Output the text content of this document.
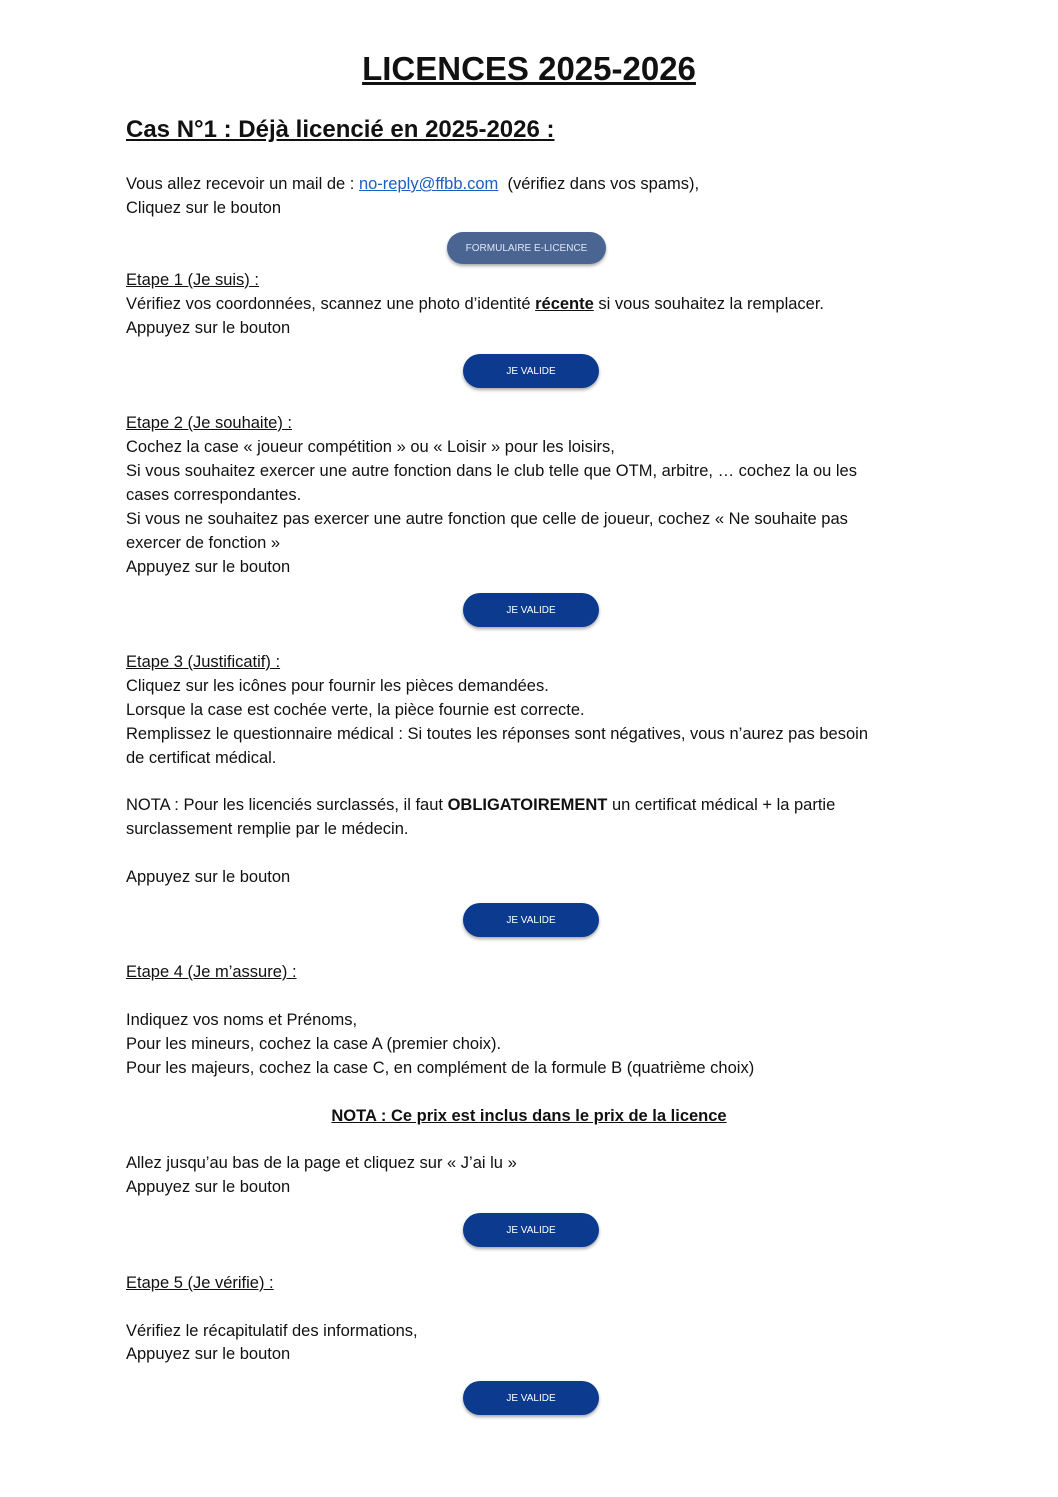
LICENCES 2025-2026
Cas N°1 : Déjà licencié en 2025-2026 :
Vous allez recevoir un mail de : no-reply@ffbb.com  (vérifiez dans vos spams),
Cliquez sur le bouton
FORMULAIRE E-LICENCE
Etape 1 (Je suis) :
Vérifiez vos coordonnées, scannez une photo d’identité récente si vous souhaitez la remplacer.
Appuyez sur le bouton
JE VALIDE
Etape 2 (Je souhaite) :
Cochez la case « joueur compétition » ou « Loisir » pour les loisirs,
Si vous souhaitez exercer une autre fonction dans le club telle que OTM, arbitre, … cochez la ou les
cases correspondantes.
Si vous ne souhaitez pas exercer une autre fonction que celle de joueur, cochez « Ne souhaite pas
exercer de fonction »
Appuyez sur le bouton
JE VALIDE
Etape 3 (Justificatif) :
Cliquez sur les icônes pour fournir les pièces demandées.
Lorsque la case est cochée verte, la pièce fournie est correcte.
Remplissez le questionnaire médical : Si toutes les réponses sont négatives, vous n’aurez pas besoin
de certificat médical.
NOTA : Pour les licenciés surclassés, il faut OBLIGATOIREMENT un certificat médical + la partie
surclassement remplie par le médecin.
Appuyez sur le bouton
JE VALIDE
Etape 4 (Je m’assure) :
Indiquez vos noms et Prénoms,
Pour les mineurs, cochez la case A (premier choix).
Pour les majeurs, cochez la case C, en complément de la formule B (quatrième choix)
NOTA : Ce prix est inclus dans le prix de la licence
Allez jusqu’au bas de la page et cliquez sur « J’ai lu »
Appuyez sur le bouton
JE VALIDE
Etape 5 (Je vérifie) :
Vérifiez le récapitulatif des informations,
Appuyez sur le bouton
JE VALIDE
